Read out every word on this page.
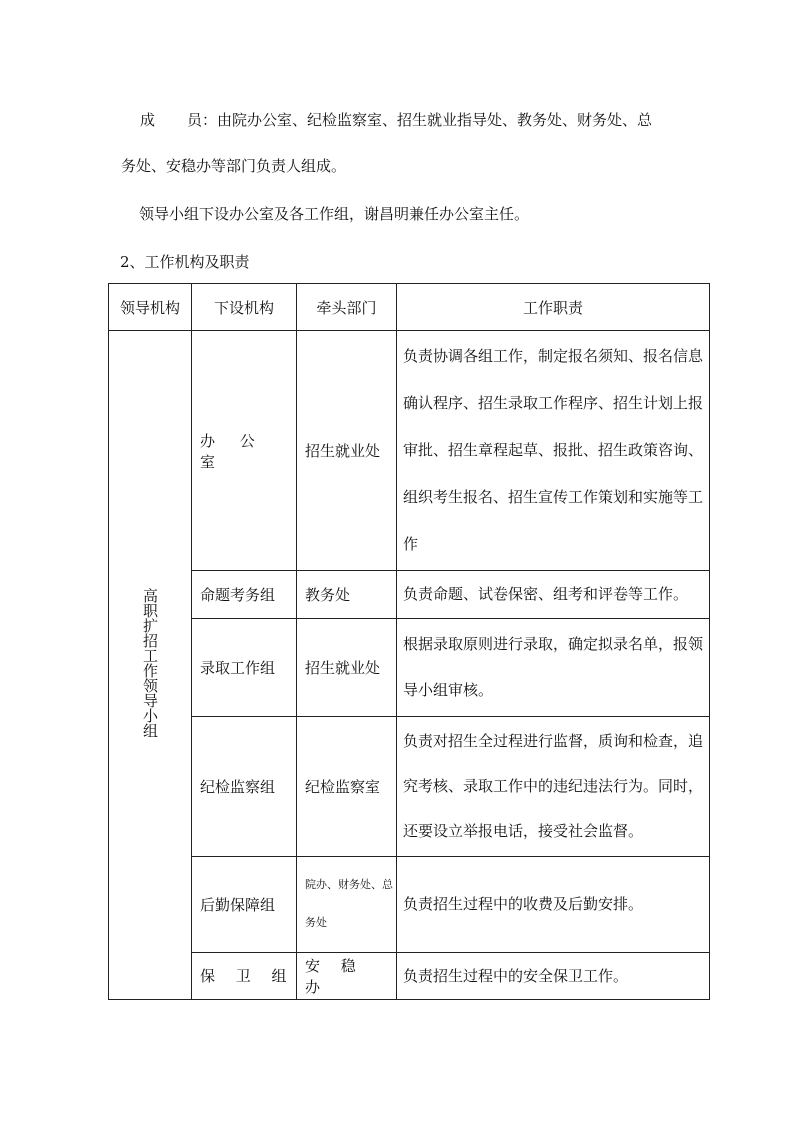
成 员：由院办公室、纪检监察室、招生就业指导处、教务处、财务处、总
务处、安稳办等部门负责人组成。
领导小组下设办公室及各工作组，谢昌明兼任办公室主任。
2、工作机构及职责
领导机构	下设机构	牵头部门	工作职责
高职扩招工作领导小组	办 公 室	招生就业处	负责协调各组工作，制定报名须知、报名信息确认程序、招生录取工作程序、招生计划上报审批、招生章程起草、报批、招生政策咨询、组织考生报名、招生宣传工作策划和实施等工作
	命题考务组	教务处	负责命题、试卷保密、组考和评卷等工作。
	录取工作组	招生就业处	根据录取原则进行录取，确定拟录名单，报领导小组审核。
	纪检监察组	纪检监察室	负责对招生全过程进行监督，质询和检查，追究考核、录取工作中的违纪违法行为。同时，还要设立举报电话，接受社会监督。
	后勤保障组	院办、财务处、总务处	负责招生过程中的收费及后勤安排。
	保 卫 组	安 稳 办	负责招生过程中的安全保卫工作。
